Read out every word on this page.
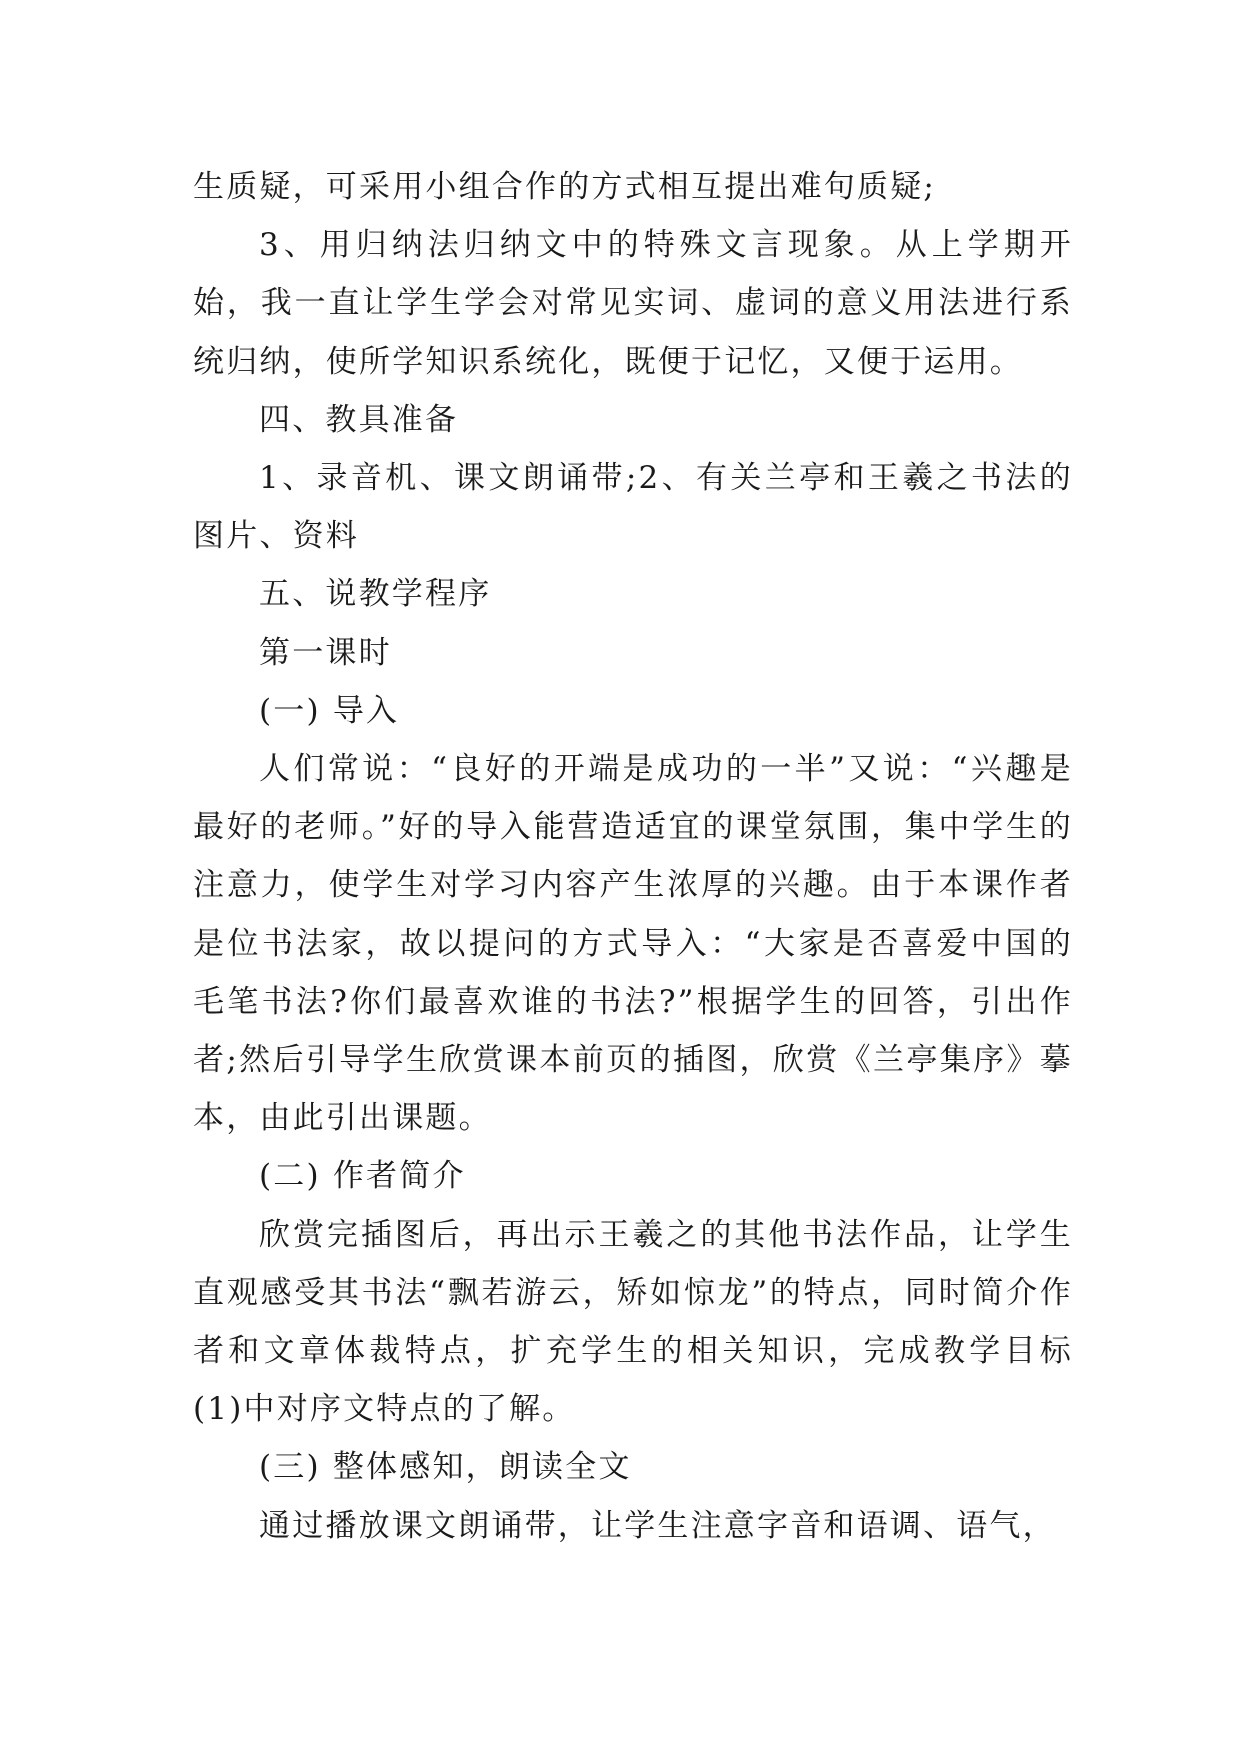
生质疑，可采用小组合作的方式相互提出难句质疑;

3、用归纳法归纳文中的特殊文言现象。从上学期开始，我一直让学生学会对常见实词、虚词的意义用法进行系统归纳，使所学知识系统化，既便于记忆，又便于运用。

四、教具准备

1、录音机、课文朗诵带;2、有关兰亭和王羲之书法的图片、资料

五、说教学程序

第一课时

(一) 导入

人们常说：“良好的开端是成功的一半”又说：“兴趣是最好的老师。”好的导入能营造适宜的课堂氛围，集中学生的注意力，使学生对学习内容产生浓厚的兴趣。由于本课作者是位书法家，故以提问的方式导入：“大家是否喜爱中国的毛笔书法?你们最喜欢谁的书法?”根据学生的回答，引出作者;然后引导学生欣赏课本前页的插图，欣赏《兰亭集序》摹本，由此引出课题。

(二) 作者简介

欣赏完插图后，再出示王羲之的其他书法作品，让学生直观感受其书法“飘若游云，矫如惊龙”的特点，同时简介作者和文章体裁特点，扩充学生的相关知识，完成教学目标(1)中对序文特点的了解。

(三) 整体感知，朗读全文

通过播放课文朗诵带，让学生注意字音和语调、语气，
